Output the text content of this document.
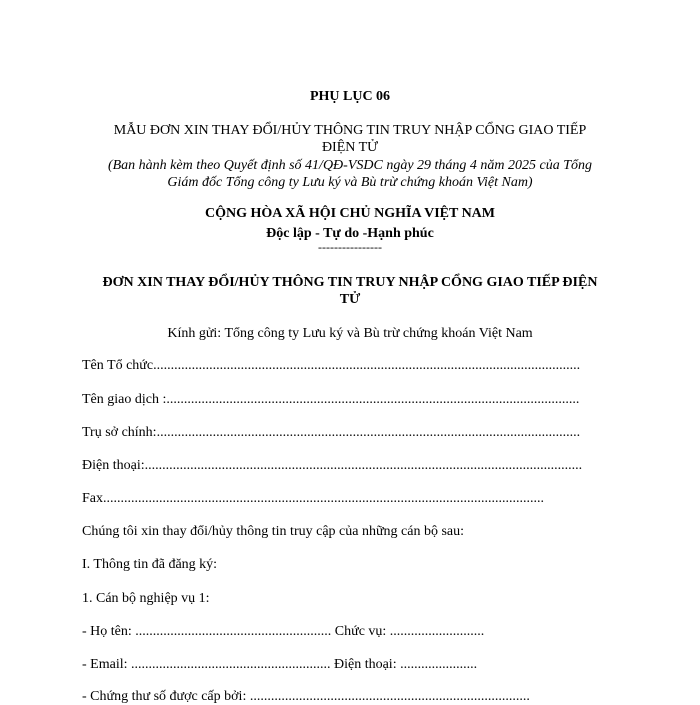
PHỤ LỤC 06
MẪU ĐƠN XIN THAY ĐỔI/HỦY THÔNG TIN TRUY NHẬP CỔNG GIAO TIẾP
ĐIỆN TỬ
(Ban hành kèm theo Quyết định số 41/QĐ-VSDC ngày 29 tháng 4 năm 2025 của Tổng
Giám đốc Tổng công ty Lưu ký và Bù trừ chứng khoán Việt Nam)
CỘNG HÒA XÃ HỘI CHỦ NGHĨA VIỆT NAM
Độc lập - Tự do -Hạnh phúc
----------------
ĐƠN XIN THAY ĐỔI/HỦY THÔNG TIN TRUY NHẬP CỔNG GIAO TIẾP ĐIỆN
TỬ
Kính gửi: Tổng công ty Lưu ký và Bù trừ chứng khoán Việt Nam
Tên Tổ chức..........................................................................................................................
Tên giao dịch :......................................................................................................................
Trụ sở chính:.........................................................................................................................
Điện thoại:.............................................................................................................................
Fax..............................................................................................................................
Chúng tôi xin thay đổi/hủy thông tin truy cập của những cán bộ sau:
I. Thông tin đã đăng ký:
1. Cán bộ nghiệp vụ 1:
- Họ tên: ........................................................ Chức vụ: ...........................
- Email: ......................................................... Điện thoại: ......................
- Chứng thư số được cấp bởi: ................................................................................
